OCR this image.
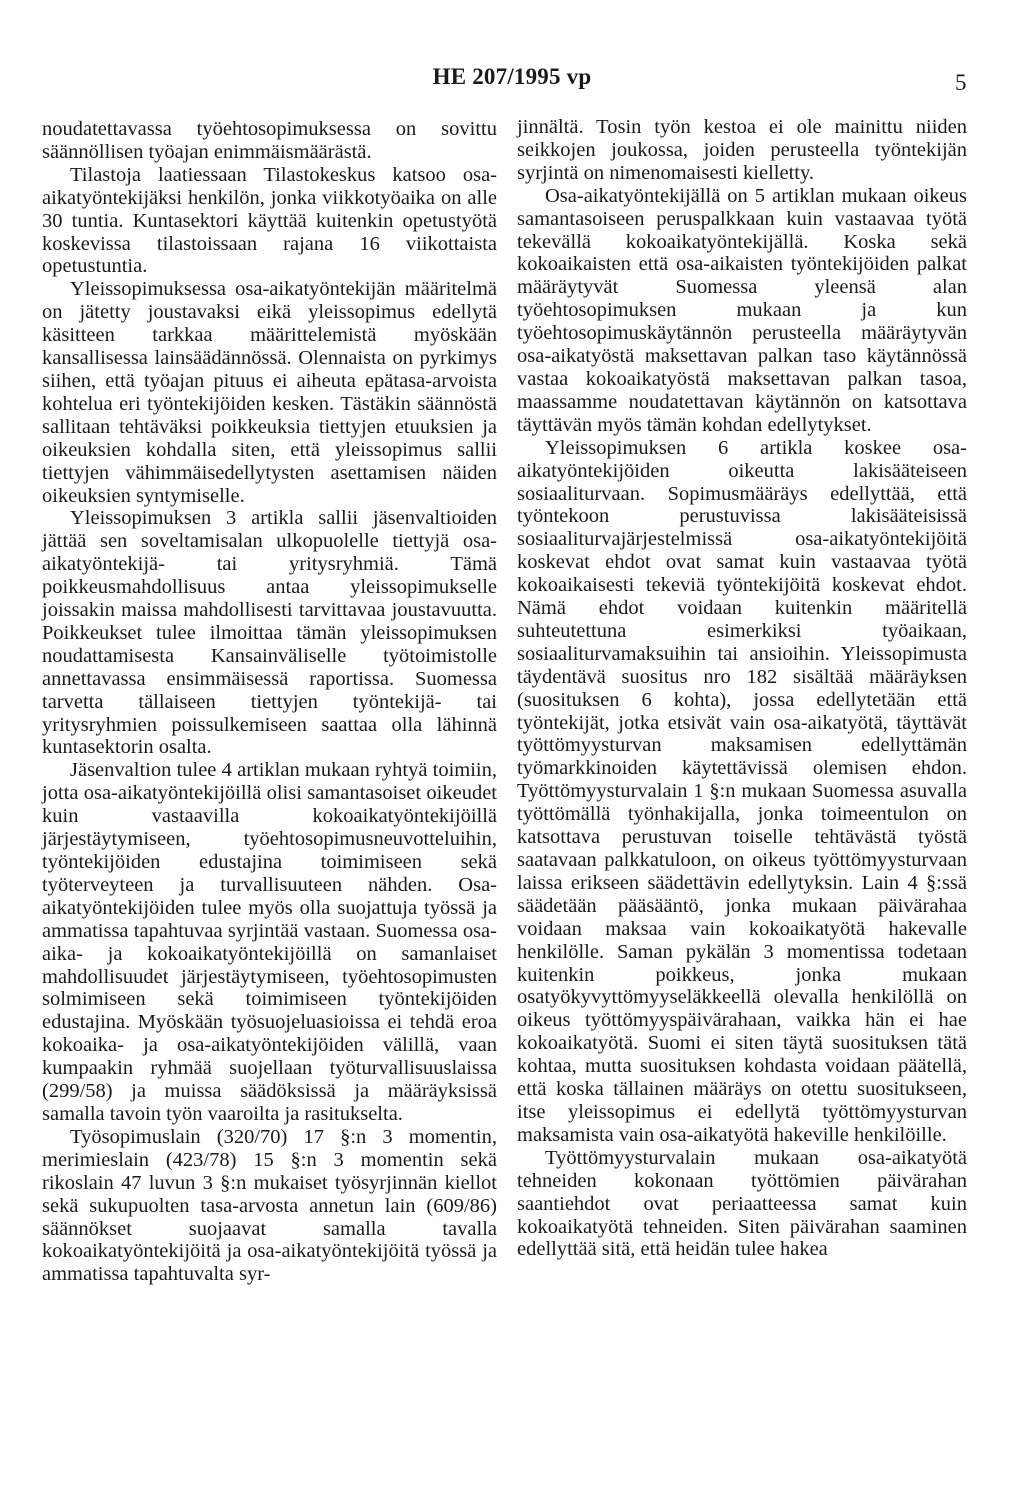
HE 207/1995 vp	5

noudatettavassa työehtosopimuksessa on sovittu säännöllisen työajan enimmäismäärästä.

Tilastoja laatiessaan Tilastokeskus katsoo osa-aikatyöntekijäksi henkilön, jonka viikkotyöaika on alle 30 tuntia. Kuntasektori käyttää kuitenkin opetustyötä koskevissa tilastoissaan rajana 16 viikottaista opetustuntia.

Yleissopimuksessa osa-aikatyöntekijän määritelmä on jätetty joustavaksi eikä yleissopimus edellytä käsitteen tarkkaa määrittelemistä myöskään kansallisessa lainsäädännössä. Olennaista on pyrkimys siihen, että työajan pituus ei aiheuta epätasa-arvoista kohtelua eri työntekijöiden kesken. Tästäkin säännöstä sallitaan tehtäväksi poikkeuksia tiettyjen etuuksien ja oikeuksien kohdalla siten, että yleissopimus sallii tiettyjen vähimmäisedellytysten asettamisen näiden oikeuksien syntymiselle.

Yleissopimuksen 3 artikla sallii jäsenvaltioiden jättää sen soveltamisalan ulkopuolelle tiettyjä osa-aikatyöntekijä- tai yritysryhmiä. Tämä poikkeusmahdollisuus antaa yleissopimukselle joissakin maissa mahdollisesti tarvittavaa joustavuutta. Poikkeukset tulee ilmoittaa tämän yleissopimuksen noudattamisesta Kansainväliselle työtoimistolle annettavassa ensimmäisessä raportissa. Suomessa tarvetta tällaiseen tiettyjen työntekijä- tai yritysryhmien poissulkemiseen saattaa olla lähinnä kuntasektorin osalta.

Jäsenvaltion tulee 4 artiklan mukaan ryhtyä toimiin, jotta osa-aikatyöntekijöillä olisi samantasoiset oikeudet kuin vastaavilla kokoaikatyöntekijöillä järjestäytymiseen, työehtosopimusneuvotteluihin, työntekijöiden edustajina toimimiseen sekä työterveyteen ja turvallisuuteen nähden. Osa-aikatyöntekijöiden tulee myös olla suojattuja työssä ja ammatissa tapahtuvaa syrjintää vastaan. Suomessa osa-aika- ja kokoaikatyöntekijöillä on samanlaiset mahdollisuudet järjestäytymiseen, työehtosopimusten solmimiseen sekä toimimiseen työntekijöiden edustajina. Myöskään työsuojeluasioissa ei tehdä eroa kokoaika- ja osa-aikatyöntekijöiden välillä, vaan kumpaakin ryhmää suojellaan työturvallisuuslaissa (299/58) ja muissa säädöksissä ja määräyksissä samalla tavoin työn vaaroilta ja rasitukselta.

Työsopimuslain (320/70) 17 §:n 3 momentin, merimieslain (423/78) 15 §:n 3 momentin sekä rikoslain 47 luvun 3 §:n mukaiset työsyrjinnän kiellot sekä sukupuolten tasa-arvosta annetun lain (609/86) säännökset suojaavat samalla tavalla kokoaikatyöntekijöitä ja osa-aikatyöntekijöitä työssä ja ammatissa tapahtuvalta syr-

jinnältä. Tosin työn kestoa ei ole mainittu niiden seikkojen joukossa, joiden perusteella työntekijän syrjintä on nimenomaisesti kielletty.

Osa-aikatyöntekijällä on 5 artiklan mukaan oikeus samantasoiseen peruspalkkaan kuin vastaavaa työtä tekevällä kokoaikatyöntekijällä. Koska sekä kokoaikaisten että osa-aikaisten työntekijöiden palkat määräytyvät Suomessa yleensä alan työehtosopimuksen mukaan ja kun työehtosopimuskäytännön perusteella määräytyvän osa-aikatyöstä maksettavan palkan taso käytännössä vastaa kokoaikatyöstä maksettavan palkan tasoa, maassamme noudatettavan käytännön on katsottava täyttävän myös tämän kohdan edellytykset.

Yleissopimuksen 6 artikla koskee osa-aikatyöntekijöiden oikeutta lakisääteiseen sosiaaliturvaan. Sopimusmääräys edellyttää, että työntekoon perustuvissa lakisääteisissä sosiaaliturvajärjestelmissä osa-aikatyöntekijöitä koskevat ehdot ovat samat kuin vastaavaa työtä kokoaikaisesti tekeviä työntekijöitä koskevat ehdot. Nämä ehdot voidaan kuitenkin määritellä suhteutettuna esimerkiksi työaikaan, sosiaaliturvamaksuihin tai ansioihin. Yleissopimusta täydentävä suositus nro 182 sisältää määräyksen (suosituksen 6 kohta), jossa edellytetään että työntekijät, jotka etsivät vain osa-aikatyötä, täyttävät työttömyysturvan maksamisen edellyttämän työmarkkinoiden käytettävissä olemisen ehdon. Työttömyysturvalain 1 §:n mukaan Suomessa asuvalla työttömällä työnhakijalla, jonka toimeentulon on katsottava perustuvan toiselle tehtävästä työstä saatavaan palkkatuloon, on oikeus työttömyysturvaan laissa erikseen säädettävin edellytyksin. Lain 4 §:ssä säädetään pääsääntö, jonka mukaan päivärahaa voidaan maksaa vain kokoaikatyötä hakevalle henkilölle. Saman pykälän 3 momentissa todetaan kuitenkin poikkeus, jonka mukaan osatyökyvyttömyyseläkkeellä olevalla henkilöllä on oikeus työttömyyspäivärahaan, vaikka hän ei hae kokoaikatyötä. Suomi ei siten täytä suosituksen tätä kohtaa, mutta suosituksen kohdasta voidaan päätellä, että koska tällainen määräys on otettu suositukseen, itse yleissopimus ei edellytä työttömyysturvan maksamista vain osa-aikatyötä hakeville henkilöille.

Työttömyysturvalain mukaan osa-aikatyötä tehneiden kokonaan työttömien päivärahan saantiehdot ovat periaatteessa samat kuin kokoaikatyötä tehneiden. Siten päivärahan saaminen edellyttää sitä, että heidän tulee hakea
